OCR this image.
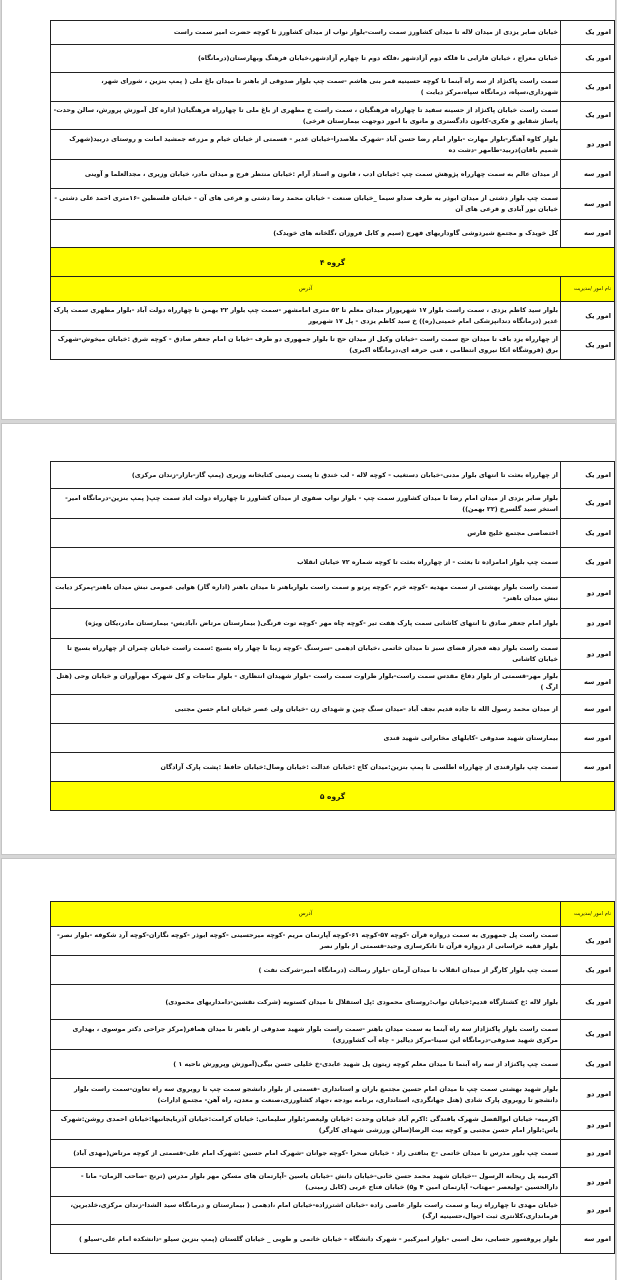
امور یک	خیابان صابر یزدی از میدان لاله تا میدان کشاورز سمت راست-بلوار نواب از میدان کشاورز تا کوچه حضرت امیر سمت راست
امور یک	خیابان معراج ، خیابان فارابی تا فلکه دوم آزادشهر ،فلکه دوم تا چهارم آزادشهر،خیابان فرهنگ وبهارستان(درمانگاه)
امور یک	سمت راست پاکنژاد از سه راه آبنما تا کوچه حسینیه قمر بنی هاشم -سمت چپ بلوار صدوقی از باهنر تا میدان باغ ملی ( پمپ بنزین ، شورای شهر، شهرداری،سپاه، درمانگاه سپاه،مرکز دیابت )
امور یک	سمت راست خیابان پاکنژاد از حسینه سفید تا چهارراه فرهنگیان ، سمت راست خ مطهری از باغ ملی تا چهارراه فرهنگیان( اداره کل آموزش پرورش، سالن وحدت-پاساژ شقایق و فکری-کانون دادگستری و مانوی با امور دوجهت بیمارستان فرخی)
امور دو	بلوار کاوه آهنگر-بلوار مهارت -بلوار امام رضا حسن آباد -شهرک ملاصدرا-خیابان غدیر - قسمتی از خیابان خیام و مزرعه جمشید امانت و روستای دربید(شهرک شمیم باقان)دربید-طامهر -دشت ده
امور سه	از میدان عالم به سمت چهارراه پژوهش سمت چپ :خیابان ادب ، قانون و استاد آرام :خیابان منتظر فرج و میدان مادر، خیابان وزیری ، مجدالعلما و آوینی
امور سه	سمت چپ بلوار دشتی از میدان ابوذر به طرف صداو سیما _خیابان صنعت - خیابان محمد رضا دشتی و فرعی های آن - خیابان فلسطین -۱۶متری احمد علی دشتی - خیابان نور آبادی و فرعی های آن
امور سه	کل خویدک و مجتمع شیردوشی گاوداریهای فهرج (سیم و کابل فروزان ،گلخانه های خویدک)
گروه ۴	
نام امور /مدیریت	آدرس
امور یک	بلوار سید کاظم یزدی ، سمت راست بلوار ۱۷ شهریوراز میدان معلم تا ۵۲ متری امامشهر -سمت چپ بلوار ۲۲ بهمن تا چهارراه دولت آباد -بلوار مطهری سمت پارک غدیر (درمانگاه دندانپزشکی امام خمینی(ره)) خ سید کاظم یزدی - پل ۱۷ شهریور
امور یک	از چهارراه یزد باف تا میدان حج سمت راست -خیابان وکیل از میدان حج تا بلوار جمهوری دو طرف -خیابا ن امام جعفر صادق - کوچه شرق :خیابان میخوش-شهرک برق (فروشگاه اتکا نیروی انتظامی ، فنی حرفه ای،درمانگاه اکبری)
امور یک	از چهارراه بعثت تا انتهای بلوار مدنی-خیابان دستغیب - کوچه لاله - لب خندق تا پست زمینی کتابخانه وزیری (پمپ گاز-بازار-زندان مرکزی)
امور یک	بلوار صابر یزدی از میدان امام رضا تا میدان کشاورز سمت چپ - بلوار نواب صفوی از میدان کشاورز تا چهارراه دولت اباد سمت چپ( پمپ بنزین-درمانگاه امیر-استخر سید گلسرخ (۲۲ بهمن))
امور یک	اختصاصی مجتمع خلیج فارس
امور یک	سمت چپ بلوار امامزاده تا بعثت - از چهارراه بعثت تا کوچه شماره ۷۲ خیابان انقلاب
امور دو	سمت راست بلوار بهشتی از سمت مهدیه -کوچه خرم -کوچه پرتو و سمت راست بلوارباهنر تا میدان باهنر (اداره گاز) هوایی عمومی نبش میدان باهنر-پمرکز دیابت نبش میدان باهنر-
امور دو	بلوار امام جعفر صادق تا انتهای کاشانی سمت پارک هفت تیر -کوچه چاه مهر -کوچه توت فرنگی( بیمارستان مرتاض ،آبادیس- بیمارستان مادر،یکان ویژه)
امور دو	سمت راست بلوار دهه فجراز فضای سبز تا میدان خاتمی ،خیابان ادهمی -سرسنگ -کوچه زیبا تا چهار راه بسیج :سمت راست خیابان چمران از چهارراه بسیج تا خیابان کاشانی
امور سه	بلوار مهر-قسمتی از بلوار دفاع مقدس سمت راست-بلوار طراوت سمت راست -بلوار شهیدان انتظاری - بلوار مناجات و کل شهرک مهرآوران و خیابان وحی (هتل ارگ )
امور سه	از میدان محمد رسول الله تا جاده قدیم نجف آباد -میدان سنگ چین و شهدای زن -خیابان ولی عصر خیابان امام حسن مجتبی
امور سه	بیمارستان شهید صدوقی -کابلهای مخابراتی شهید قندی
امور سه	سمت چپ بلوارقندی از چهارراه اطلسی تا پمپ بنزین:میدان کاج :خیابان عدالت :خیابان وصال:خیابان حافظ :پشت پارک آزادگان
گروه ۵	
نام امور /مدیریت	آدرس
امور یک	سمت راست پل جمهوری به سمت دروازه قرآن -کوچه ۵۷-کوچه ۶۱-کوچه آپارتمان مریم -کوچه میرحسینی -کوچه ابوذر -کوچه نگاران-کوچه آرد شکوفه -بلوار نصر- بلوار فقیه خراسانی از دروازه قرآن تا تانکرسازی وحید-قسمتی از بلوار نصر
امور یک	سمت چپ بلوار کارگر از میدان انقلاب تا میدان آرمان -بلوار رسالت (درمانگاه امیر-شرکت نفت )
امور یک	بلوار لاله :خ کشتارگاه قدیم:خیابان نواب:روستای محمودی :پل استقلال تا میدان کستویه (شرکت نقشین-دامداریهای محمودی)
امور یک	سمت راست بلوار پاکنژاداز سه راه آبنما به سمت میدان باهنر -سمت راست بلوار شهید صدوقی از باهنر تا میدان همافر(مرکز جراحی دکتر موسوی ، بهداری مرکزی شهید صدوقی-درمانگاه ابن سینا-مرکز دیالیز - چاه آب کشاورزی)
امور یک	سمت چپ پاکنژاد از سه راه آبنما تا میدان معلم کوچه زیتون پل شهید عابدی-خ خلیلی حسن بیگی(آموزش وپرورش ناحیه ۱ )
امور دو	بلوار شهید بهشتی سمت چپ تا میدان امام حسین مجتمع باران و استانداری -قسمتی از بلوار دانشجو سمت چپ تا روبروی سه راه تعاون-سمت راست بلوار دانشجو تا روبروی پارک شادی (هتل جهانگردی، استانداری، برنامه بودجه ،جهاد کشاورزی،صنعت و معدن، راه آهن- مجتمع ادارات)
امور دو	اکرمیه- خیابان ابوالفضل شهرک بافندگی :اکرم آباد خیابان وحدت :خیابان ولیعصر:بلوار سلیمانی: خیابان کرامت:خیابان آذربایجانیها:خیابان احمدی روشن:شهرک یاس:بلوار امام حسن مجتبی و کوچه بیت الرضا(سالن ورزشی شهدای کارگر)
امور دو	سمت چپ بلور مدرس تا میدان خاتمی -خ بنافتی زاد - خیابان صحرا -کوچه جوانان -شهرک امام حسین :شهرک امام علی-قسمتی از کوچه مرتاض(مهدی آباد)
امور دو	اکرمیه پل ریحانه الرسول --خیابان شهید محمد حسن خانی-خیابان دانش -خیابان یاسین -آپارتمان های مسکن مهر بلوار مدرس (ترنج -صاحب الزمان- مانا - دارالحسین -ولیعصر -مهتاب- آپارتمان امین ۴ و۵) خیابان فتاح غربی (کابل زمینی)
امور دو	خیابان مهدی تا چهارراه زیبا و سمت راست بلوار عاصی زاده -خیابان اشترزاده-خیابان امام ،ادهمی ( بیمارستان و درمانگاه سید الشدا-زندان مرکزی،خلدبرین، فرمانداری،کلانتری ثبت احوال،حسینیه ارگ)
امور سه	بلوار پروفسور حسابی، نعل اسبی -بلوار امیرکبیر - شهرک دانشگاه - خیابان خاتمی و طوبی _ خیابان گلستان (پمپ بنزین سیلو -دانشکده امام علی-سیلو )
